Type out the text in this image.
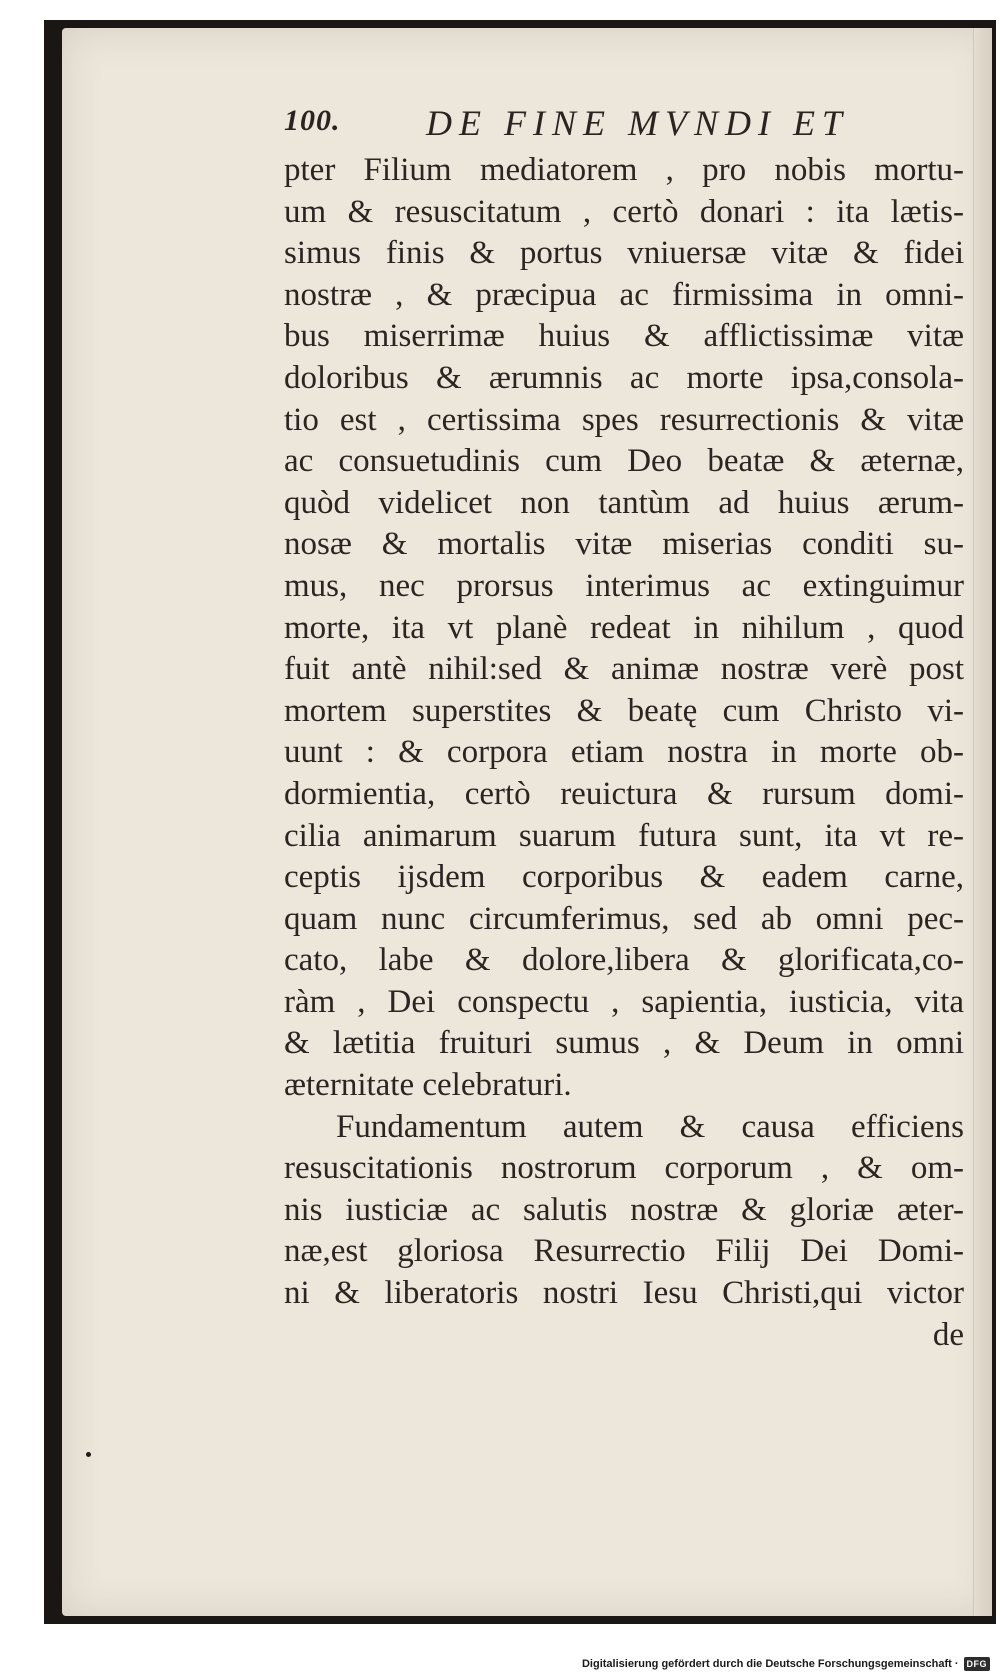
100. DE FINE MVNDI ET
pter Filium mediatorem , pro nobis mortu-
um & resuscitatum , certò donari : ita lætis-
simus finis & portus vniuersæ vitæ & fidei
nostræ , & præcipua ac firmissima in omni-
bus miserrimæ huius & afflictissimæ vitæ
doloribus & ærumnis ac morte ipsa,consola-
tio est , certissima spes resurrectionis & vitæ
ac consuetudinis cum Deo beatæ & æternæ,
quòd videlicet non tantùm ad huius ærum-
nosæ & mortalis vitæ miserias conditi su-
mus, nec prorsus interimus ac extinguimur
morte, ita vt planè redeat in nihilum , quod
fuit antè nihil:sed & animæ nostræ verè post
mortem superstites & beatę cum Christo vi-
uunt : & corpora etiam nostra in morte ob-
dormientia, certò reuictura & rursum domi-
cilia animarum suarum futura sunt, ita vt re-
ceptis ijsdem corporibus & eadem carne,
quam nunc circumferimus, sed ab omni pec-
cato, labe & dolore,libera & glorificata,co-
ràm , Dei conspectu , sapientia, iusticia, vita
& lætitia fruituri sumus , & Deum in omni
æternitate celebraturi.
Fundamentum autem & causa efficiens
resuscitationis nostrorum corporum , & om-
nis iusticiæ ac salutis nostræ & gloriæ æter-
næ,est gloriosa Resurrectio Filij Dei Domi-
ni & liberatoris nostri Iesu Christi,qui victor
de
Digitalisierung gefördert durch die Deutsche Forschungsgemeinschaft · DFG
